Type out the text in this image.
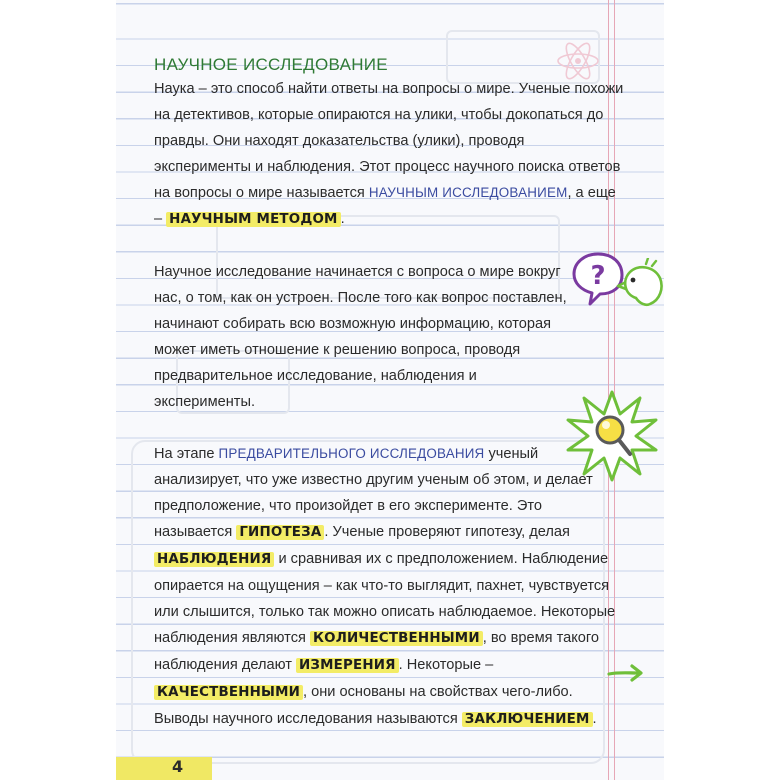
?
НАУЧНОЕ ИССЛЕДОВАНИЕ

Наука – это способ найти ответы на вопросы о мире. Ученые похожи на детективов, которые опираются на улики, чтобы докопаться до правды. Они находят доказательства (улики), проводя эксперименты и наблюдения. Этот процесс научного поиска ответов на вопросы о мире называется НАУЧНЫМ ИССЛЕДОВАНИЕМ, а еще – НАУЧНЫМ МЕТОДОМ .

Научное исследование начинается с вопроса о мире вокруг нас, о том, как он устроен. После того как вопрос поставлен, начинают собирать всю возможную информацию, которая может иметь отношение к решению вопроса, проводя предварительное исследование, наблюдения и эксперименты.

На этапе ПРЕДВАРИТЕЛЬНОГО ИССЛЕДОВАНИЯ ученый анализирует, что уже известно другим ученым об этом, и делает предположение, что произойдет в его эксперименте. Это называется ГИПОТЕЗА . Ученые проверяют гипотезу, делая НАБЛЮДЕНИЯ и сравнивая их с предположением. Наблюдение опирается на ощущения – как что-то выглядит, пахнет, чувствуется или слышится, только так можно описать наблюдаемое. Некоторые наблюдения являются КОЛИЧЕСТВЕННЫМИ , во время такого наблюдения делают ИЗМЕРЕНИЯ . Некоторые – КАЧЕСТВЕННЫМИ , они основаны на свойствах чего-либо. Выводы научного исследования называются ЗАКЛЮЧЕНИЕМ .

4
